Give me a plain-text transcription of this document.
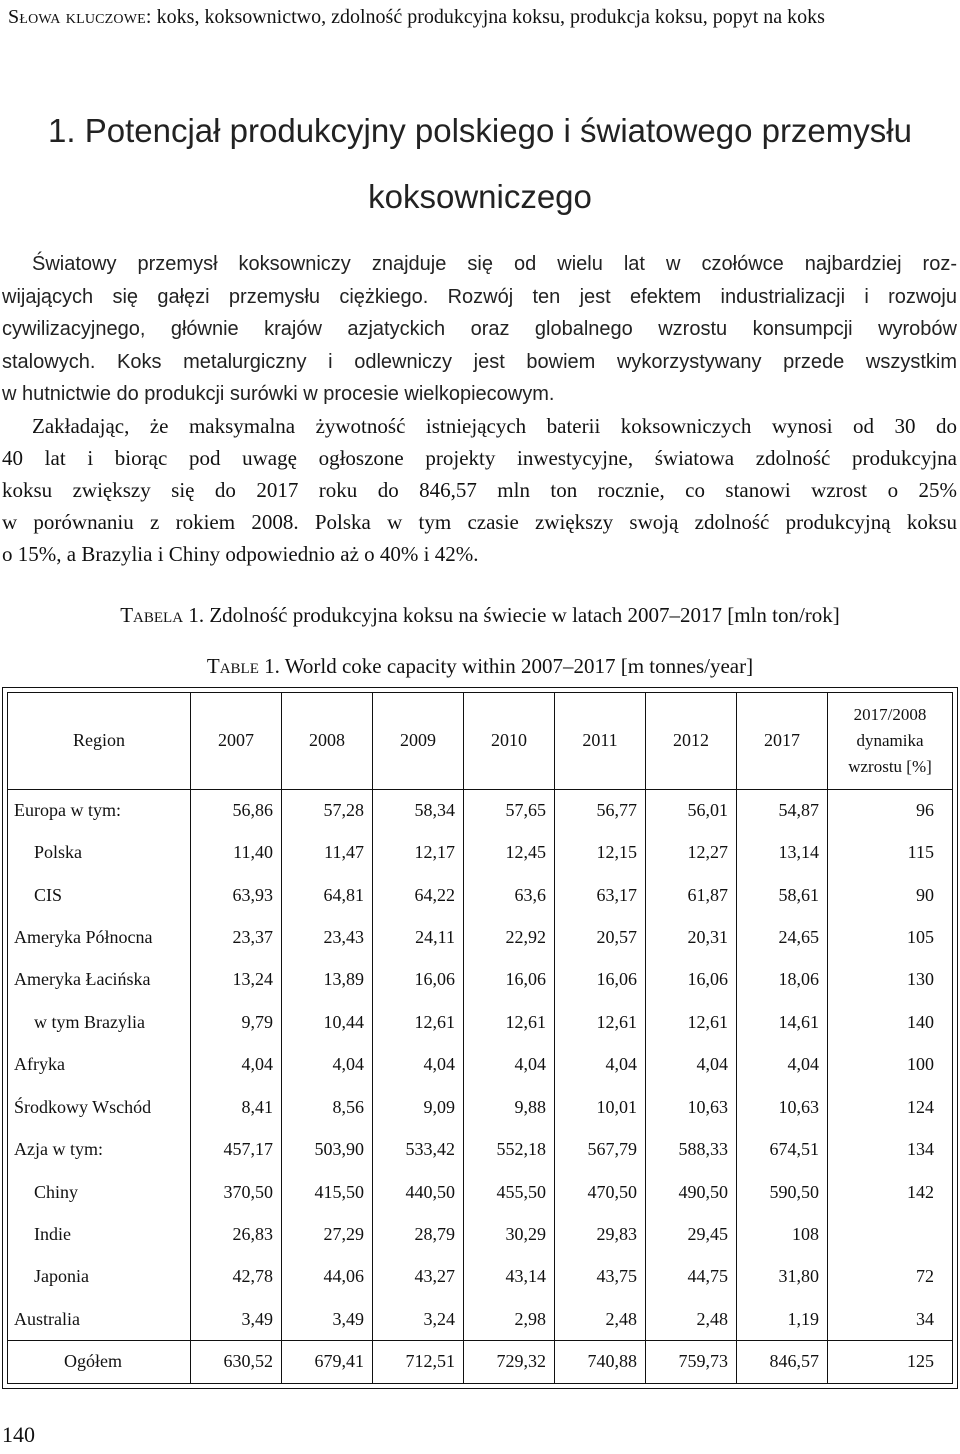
Słowa kluczowe: koks, koksownictwo, zdolność produkcyjna koksu, produkcja koksu, popyt na koks
1. Potencjał produkcyjny polskiego i światowego przemysłu
koksowniczego
Światowy przemysł koksowniczy znajduje się od wielu lat w czołówce najbardziej roz-
wijających się gałęzi przemysłu ciężkiego. Rozwój ten jest efektem industrializacji i rozwoju
cywilizacyjnego, głównie krajów azjatyckich oraz globalnego wzrostu konsumpcji wyrobów
stalowych. Koks metalurgiczny i odlewniczy jest bowiem wykorzystywany przede wszystkim
w hutnictwie do produkcji surówki w procesie wielkopiecowym.
Zakładając, że maksymalna żywotność istniejących baterii koksowniczych wynosi od 30 do
40 lat i biorąc pod uwagę ogłoszone projekty inwestycyjne, światowa zdolność produkcyjna
koksu zwiększy się do 2017 roku do 846,57 mln ton rocznie, co stanowi wzrost o 25%
w porównaniu z rokiem 2008. Polska w tym czasie zwiększy swoją zdolność produkcyjną koksu
o 15%, a Brazylia i Chiny odpowiednio aż o 40% i 42%.

Tabela 1. Zdolność produkcyjna koksu na świecie w latach 2007–2017 [mln ton/rok]

Table 1. World coke capacity within 2007–2017 [m tonnes/year]

Region	2007	2008	2009	2010	2011	2012	2017	2017/2008
dynamika
wzrostu [%]
Europa w tym:	56,86	57,28	58,34	57,65	56,77	56,01	54,87	96
Polska	11,40	11,47	12,17	12,45	12,15	12,27	13,14	115
CIS	63,93	64,81	64,22	63,6	63,17	61,87	58,61	90
Ameryka Północna	23,37	23,43	24,11	22,92	20,57	20,31	24,65	105
Ameryka Łacińska	13,24	13,89	16,06	16,06	16,06	16,06	18,06	130
w tym Brazylia	9,79	10,44	12,61	12,61	12,61	12,61	14,61	140
Afryka	4,04	4,04	4,04	4,04	4,04	4,04	4,04	100
Środkowy Wschód	8,41	8,56	9,09	9,88	10,01	10,63	10,63	124
Azja w tym:	457,17	503,90	533,42	552,18	567,79	588,33	674,51	134
Chiny	370,50	415,50	440,50	455,50	470,50	490,50	590,50	142
Indie	26,83	27,29	28,79	30,29	29,83	29,45	108	
Japonia	42,78	44,06	43,27	43,14	43,75	44,75	31,80	72
Australia	3,49	3,49	3,24	2,98	2,48	2,48	1,19	34
Ogółem	630,52	679,41	712,51	729,32	740,88	759,73	846,57	125
140
